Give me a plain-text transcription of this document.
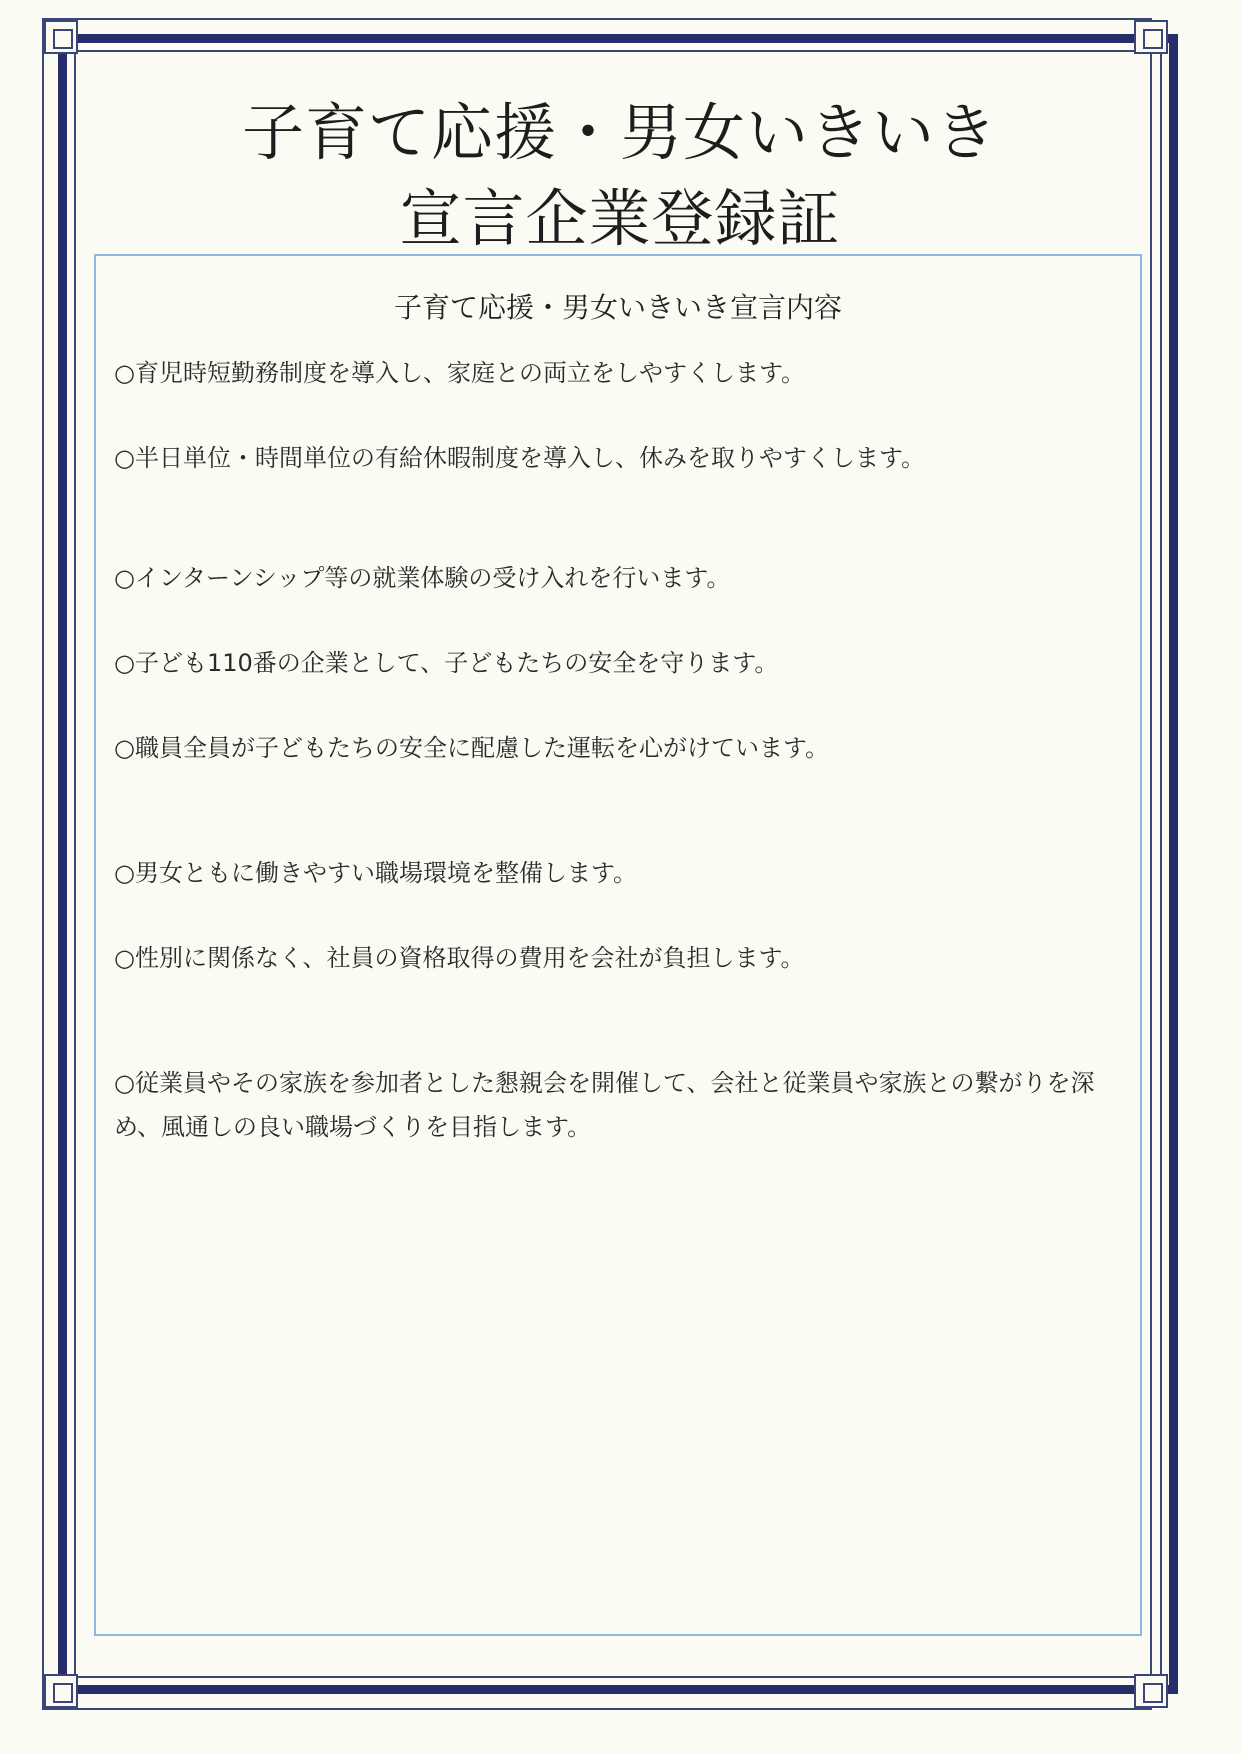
子育て応援・男女いきいき
宣言企業登録証
子育て応援・男女いきいき宣言内容
○育児時短勤務制度を導入し、家庭との両立をしやすくします。
○半日単位・時間単位の有給休暇制度を導入し、休みを取りやすくします。
○インターンシップ等の就業体験の受け入れを行います。
○子ども110番の企業として、子どもたちの安全を守ります。
○職員全員が子どもたちの安全に配慮した運転を心がけています。
○男女ともに働きやすい職場環境を整備します。
○性別に関係なく、社員の資格取得の費用を会社が負担します。
○従業員やその家族を参加者とした懇親会を開催して、会社と従業員や家族との繋がりを深め、風通しの良い職場づくりを目指します。
